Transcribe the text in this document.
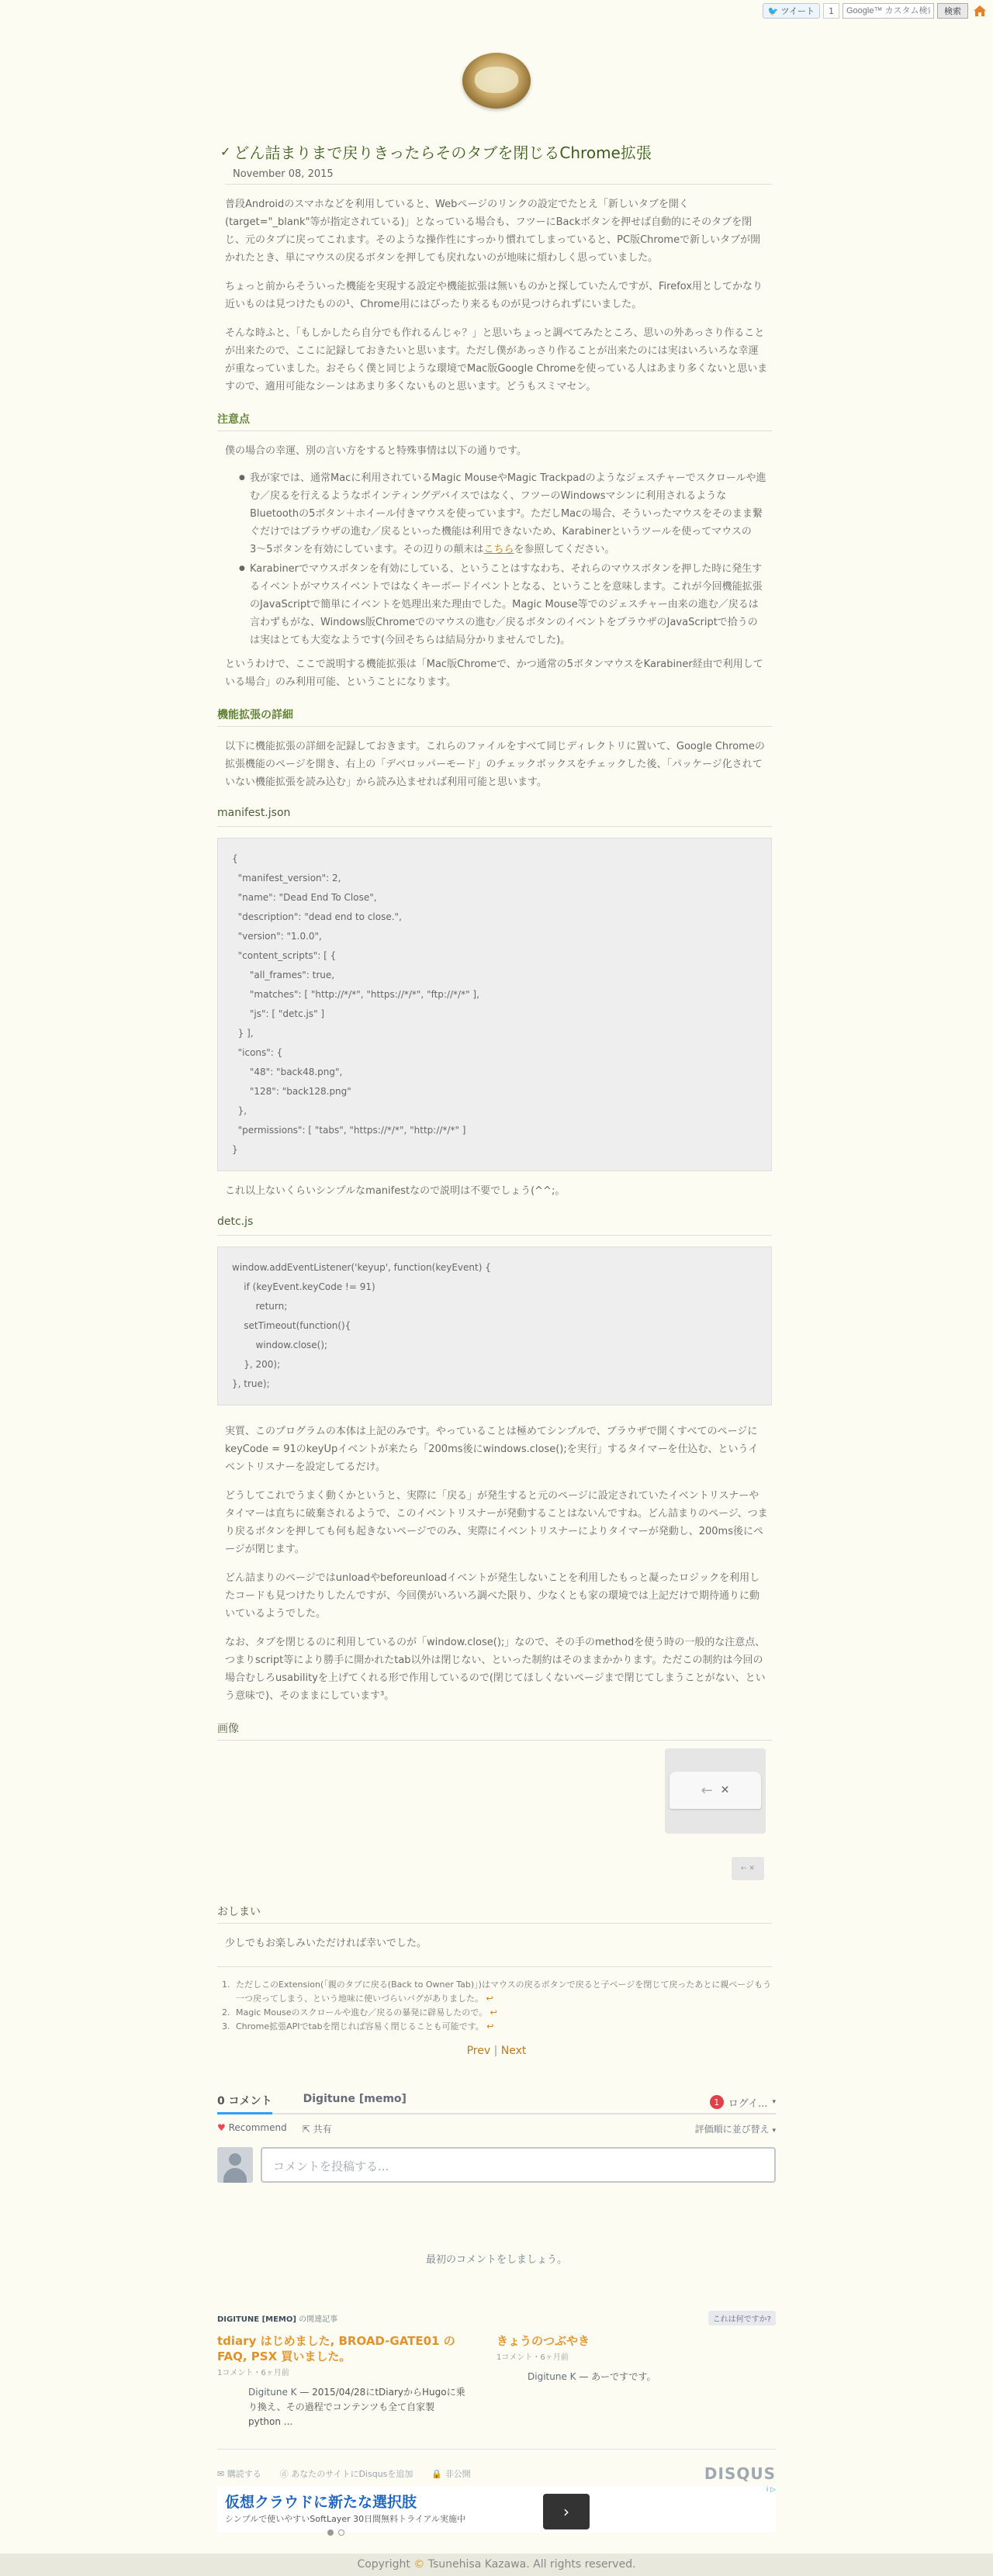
🐦 ツイート	1
Google™ カスタム検索	検索
✓ どん詰まりまで戻りきったらそのタブを閉じるChrome拡張
November 08, 2015

普段Androidのスマホなどを利用していると、Webページのリンクの設定でたとえ「新しいタブを開く(target="_blank"等が指定されている)」となっている場合も、フツーにBackボタンを押せば自動的にそのタブを閉じ、元のタブに戻ってこれます。そのような操作性にすっかり慣れてしまっていると、PC版Chromeで新しいタブが開かれたとき、単にマウスの戻るボタンを押しても戻れないのが地味に煩わしく思っていました。

ちょっと前からそういった機能を実現する設定や機能拡張は無いものかと探していたんですが、Firefox用としてかなり近いものは見つけたものの¹、Chrome用にはぴったり来るものが見つけられずにいました。

そんな時ふと、「もしかしたら自分でも作れるんじゃ？」と思いちょっと調べてみたところ、思いの外あっさり作ることが出来たので、ここに記録しておきたいと思います。ただし僕があっさり作ることが出来たのには実はいろいろな幸運が重なっていました。おそらく僕と同じような環境でMac版Google Chromeを使っている人はあまり多くないと思いますので、適用可能なシーンはあまり多くないものと思います。どうもスミマセン。

注意点

僕の場合の幸運、別の言い方をすると特殊事情は以下の通りです。

● 我が家では、通常Macに利用されているMagic MouseやMagic Trackpadのようなジェスチャーでスクロールや進む／戻るを行えるようなポインティングデバイスではなく、フツーのWindowsマシンに利用されるようなBluetoothの5ボタン＋ホイール付きマウスを使っています²。ただしMacの場合、そういったマウスをそのまま繋ぐだけではブラウザの進む／戻るといった機能は利用できないため、Karabinerというツールを使ってマウスの3〜5ボタンを有効にしています。その辺りの顛末はこちらを参照してください。
● Karabinerでマウスボタンを有効にしている、ということはすなわち、それらのマウスボタンを押した時に発生するイベントがマウスイベントではなくキーボードイベントとなる、ということを意味します。これが今回機能拡張のJavaScriptで簡単にイベントを処理出来た理由でした。Magic Mouse等でのジェスチャー由来の進む／戻るは言わずもがな、Windows版Chromeでのマウスの進む／戻るボタンのイベントをブラウザのJavaScriptで拾うのは実はとても大変なようです(今回そちらは結局分かりませんでした)。

というわけで、ここで説明する機能拡張は「Mac版Chromeで、かつ通常の5ボタンマウスをKarabiner経由で利用している場合」のみ利用可能、ということになります。

機能拡張の詳細

以下に機能拡張の詳細を記録しておきます。これらのファイルをすべて同じディレクトリに置いて、Google Chromeの拡張機能のページを開き、右上の「デベロッパーモード」のチェックボックスをチェックした後、「パッケージ化されていない機能拡張を読み込む」から読み込ませれば利用可能と思います。

manifest.json
{
"manifest_version": 2,
"name": "Dead End To Close",
"description": "dead end to close.",
"version": "1.0.0",
"content_scripts": [ {
"all_frames": true,
"matches": [ "http://*/*", "https://*/*", "ftp://*/*" ],
"js": [ "detc.js" ]
} ],
"icons": {
"48": "back48.png",
"128": "back128.png"
},
"permissions": [ "tabs", "https://*/*", "http://*/*" ]
}

これ以上ないくらいシンプルなmanifestなので説明は不要でしょう(^^;。

detc.js
window.addEventListener('keyup', function(keyEvent) {
if (keyEvent.keyCode != 91)
return;
setTimeout(function(){
window.close();
}, 200);
}, true);

実質、このプログラムの本体は上記のみです。やっていることは極めてシンプルで、ブラウザで開くすべてのページにkeyCode = 91のkeyUpイベントが来たら「200ms後にwindows.close();を実行」するタイマーを仕込む、というイベントリスナーを設定してるだけ。

どうしてこれでうまく動くかというと、実際に「戻る」が発生すると元のページに設定されていたイベントリスナーやタイマーは直ちに破棄されるようで、このイベントリスナーが発動することはないんですね。どん詰まりのページ、つまり戻るボタンを押しても何も起きないページでのみ、実際にイベントリスナーによりタイマーが発動し、200ms後にページが閉じます。

どん詰まりのページではunloadやbeforeunloadイベントが発生しないことを利用したもっと凝ったロジックを利用したコードも見つけたりしたんですが、今回僕がいろいろ調べた限り、少なくとも家の環境では上記だけで期待通りに動いているようでした。

なお、タブを閉じるのに利用しているのが「window.close();」なので、その手のmethodを使う時の一般的な注意点、つまりscript等により勝手に開かれたtab以外は閉じない、といった制約はそのままかかります。ただこの制約は今回の場合むしろusabilityを上げてくれる形で作用しているので(閉じてほしくないページまで閉じてしまうことがない、という意味で)、そのままにしています³。

画像
← ✕
← ✕
おしまい

少しでもお楽しみいただければ幸いでした。

1. ただしこのExtension(「親のタブに戻る(Back to Owner Tab)」)はマウスの戻るボタンで戻ると子ページを閉じて戻ったあとに親ページもう一つ戻ってしまう、という地味に使いづらいバグがありました。 ↩
2. Magic Mouseのスクロールや進む／戻るの暴発に辟易したので。 ↩
3. Chrome拡張APIでtabを閉じれば容易く閉じることも可能です。 ↩
Prev | Next
0 コメント	Digitune [memo]	1 ログイ... ▾
♥ Recommend ⇱ 共有	評価順に並び替え ▾
コメントを投稿する...
最初のコメントをしましょう。
DIGITUNE [MEMO] の関連記事	これは何ですか?
tdiary はじめました, BROAD-GATE01 の FAQ, PSX 買いました。
1コメント・6ヶ月前
Digitune K — 2015/04/28にtDiaryからHugoに乗り換え、その過程でコンテンツも全て自家製 python ...
きょうのつぶやき
1コメント・6ヶ月前
Digitune K — あーですです。
✉ 購読する ⓓ あなたのサイトにDisqusを追加 🔒 非公開	DISQUS
仮想クラウドに新たな選択肢
シンプルで使いやすいSoftLayer 30日間無料トライアル実施中	›
i ▷
Copyright © Tsunehisa Kazawa. All rights reserved.
